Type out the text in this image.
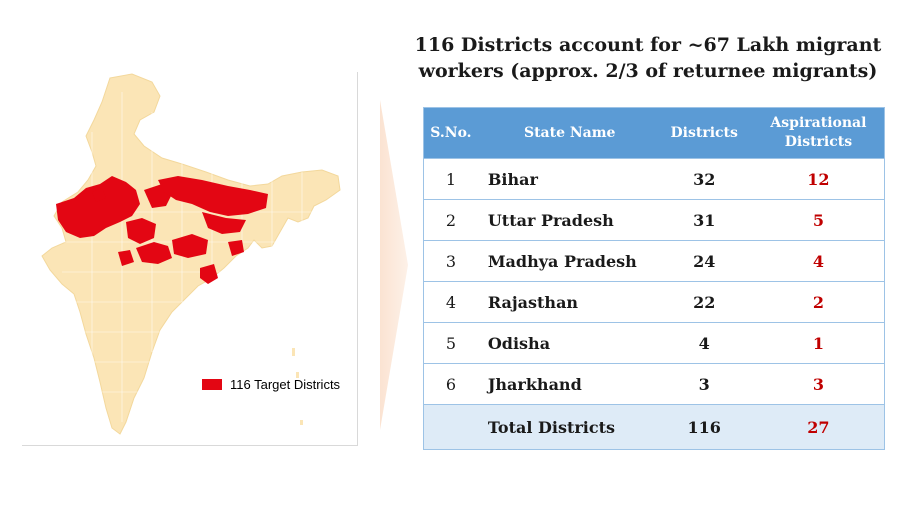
116 Target Districts
116 Districts account for ~67 Lakh migrant
workers (approx. 2/3 of returnee migrants)
S.No.	State Name	Districts	Aspirational
Districts

1	Bihar	32	12
2	Uttar Pradesh	31	5
3	Madhya Pradesh	24	4
4	Rajasthan	22	2
5	Odisha	4	1
6	Jharkhand	3	3
	Total Districts	116	27
